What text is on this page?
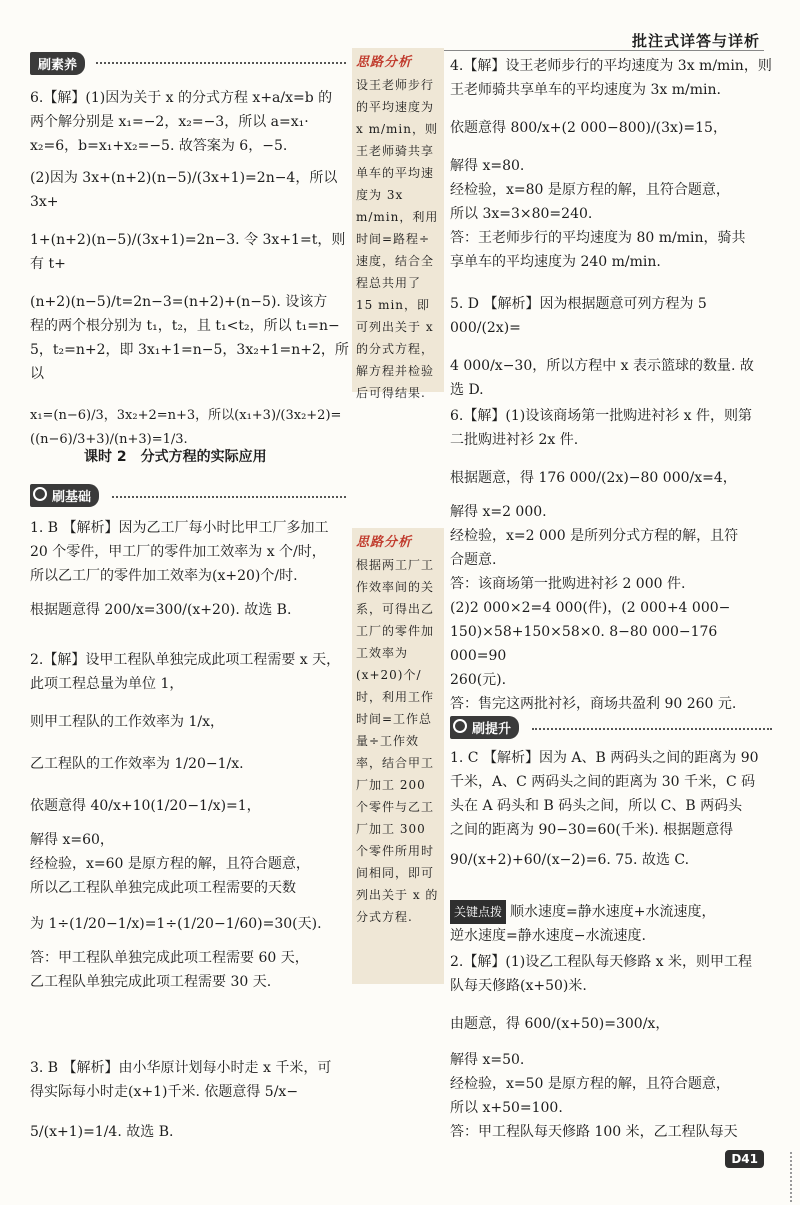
批注式详答与详析
刷素养

6.【解】(1)因为关于 x 的分式方程 x+a/x=b 的

两个解分别是 x₁=−2，x₂=−3，所以 a=x₁·

x₂=6，b=x₁+x₂=−5. 故答案为 6，−5.

(2)因为 3x+(n+2)(n−5)/(3x+1)=2n−4，所以 3x+

1+(n+2)(n−5)/(3x+1)=2n−3. 令 3x+1=t，则有 t+

(n+2)(n−5)/t=2n−3=(n+2)+(n−5). 设该方

程的两个根分别为 t₁，t₂，且 t₁<t₂，所以 t₁=n−

5，t₂=n+2，即 3x₁+1=n−5，3x₂+1=n+2，所以

x₁=(n−6)/3，3x₂+2=n+3，所以(x₁+3)/(3x₂+2)=((n−6)/3+3)/(n+3)=1/3.

课时 2　分式方程的实际应用
刷基础

1. B 【解析】因为乙工厂每小时比甲工厂多加工

20 个零件，甲工厂的零件加工效率为 x 个/时，

所以乙工厂的零件加工效率为(x+20)个/时.

根据题意得 200/x=300/(x+20). 故选 B.

2.【解】设甲工程队单独完成此项工程需要 x 天，

此项工程总量为单位 1，

则甲工程队的工作效率为 1/x，

乙工程队的工作效率为 1/20−1/x.

依题意得 40/x+10(1/20−1/x)=1，

解得 x=60，

经检验，x=60 是原方程的解，且符合题意，

所以乙工程队单独完成此项工程需要的天数

为 1÷(1/20−1/x)=1÷(1/20−1/60)=30(天).

答：甲工程队单独完成此项工程需要 60 天，

乙工程队单独完成此项工程需要 30 天.

3. B 【解析】由小华原计划每小时走 x 千米，可

得实际每小时走(x+1)千米. 依题意得 5/x−

5/(x+1)=1/4. 故选 B.

思路分析
设王老师步行的平均速度为 x m/min，则王老师骑共享单车的平均速度为 3x m/min，利用时间=路程÷速度，结合全程总共用了 15 min，即可列出关于 x 的分式方程，解方程并检验后可得结果.
思路分析
根据两工厂工作效率间的关系，可得出乙工厂的零件加工效率为(x+20)个/时，利用工作时间=工作总量÷工作效率，结合甲工厂加工 200 个零件与乙工厂加工 300 个零件所用时间相同，即可列出关于 x 的分式方程.

4.【解】设王老师步行的平均速度为 3x m/min，则

王老师骑共享单车的平均速度为 3x m/min.

依题意得 800/x+(2 000−800)/(3x)=15，

解得 x=80.

经检验，x=80 是原方程的解，且符合题意，

所以 3x=3×80=240.

答：王老师步行的平均速度为 80 m/min，骑共

享单车的平均速度为 240 m/min.

5. D 【解析】因为根据题意可列方程为 5 000/(2x)=

4 000/x−30，所以方程中 x 表示篮球的数量. 故

选 D.

6.【解】(1)设该商场第一批购进衬衫 x 件，则第

二批购进衬衫 2x 件.

根据题意，得 176 000/(2x)−80 000/x=4，

解得 x=2 000.

经检验，x=2 000 是所列分式方程的解，且符

合题意.

答：该商场第一批购进衬衫 2 000 件.

(2)2 000×2=4 000(件)，(2 000+4 000−

150)×58+150×58×0. 8−80 000−176 000=90

260(元).

答：售完这两批衬衫，商场共盈利 90 260 元.

刷提升

1. C 【解析】因为 A、B 两码头之间的距离为 90

千米，A、C 两码头之间的距离为 30 千米，C 码

头在 A 码头和 B 码头之间，所以 C、B 两码头

之间的距离为 90−30=60(千米). 根据题意得

90/(x+2)+60/(x−2)=6. 75. 故选 C.

关键点拨 顺水速度=静水速度+水流速度，

逆水速度=静水速度−水流速度.

2.【解】(1)设乙工程队每天修路 x 米，则甲工程

队每天修路(x+50)米.

由题意，得 600/(x+50)=300/x，

解得 x=50.

经检验，x=50 是原方程的解，且符合题意，

所以 x+50=100.

答：甲工程队每天修路 100 米，乙工程队每天

D41
